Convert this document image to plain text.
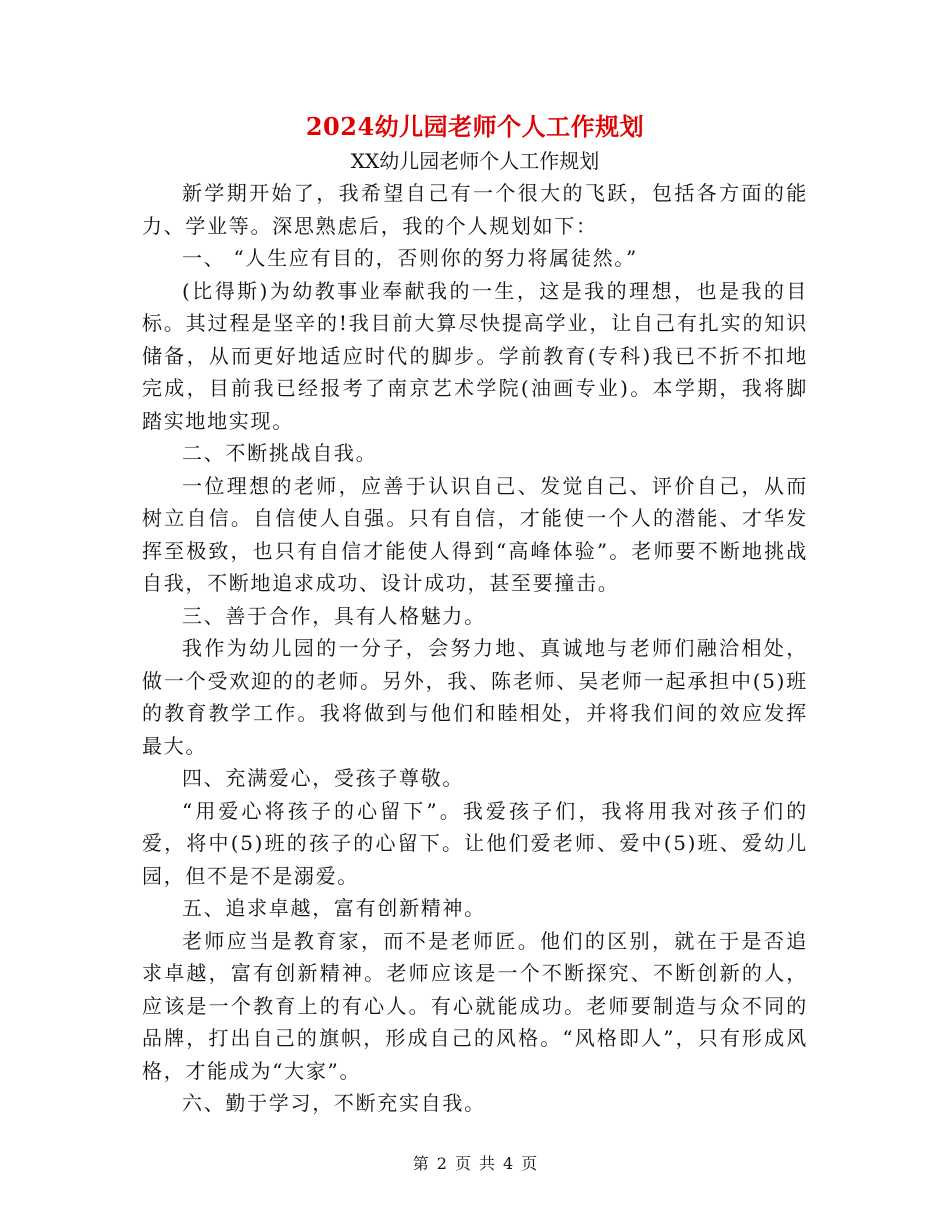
2024幼儿园老师个人工作规划
XX幼儿园老师个人工作规划

新学期开始了，我希望自己有一个很大的飞跃，包括各方面的能力、学业等。深思熟虑后，我的个人规划如下：

一、 “人生应有目的，否则你的努力将属徒然。”

(比得斯)为幼教事业奉献我的一生，这是我的理想，也是我的目标。其过程是坚辛的!我目前大算尽快提高学业，让自己有扎实的知识储备，从而更好地适应时代的脚步。学前教育(专科)我已不折不扣地完成，目前我已经报考了南京艺术学院(油画专业)。本学期，我将脚踏实地地实现。

二、不断挑战自我。

一位理想的老师，应善于认识自己、发觉自己、评价自己，从而树立自信。自信使人自强。只有自信，才能使一个人的潜能、才华发挥至极致，也只有自信才能使人得到“高峰体验”。老师要不断地挑战自我，不断地追求成功、设计成功，甚至要撞击。

三、善于合作，具有人格魅力。

我作为幼儿园的一分子，会努力地、真诚地与老师们融洽相处，做一个受欢迎的的老师。另外，我、陈老师、吴老师一起承担中(5)班的教育教学工作。我将做到与他们和睦相处，并将我们间的效应发挥最大。

四、充满爱心，受孩子尊敬。

“用爱心将孩子的心留下”。我爱孩子们，我将用我对孩子们的爱，将中(5)班的孩子的心留下。让他们爱老师、爱中(5)班、爱幼儿园，但不是不是溺爱。

五、追求卓越，富有创新精神。

老师应当是教育家，而不是老师匠。他们的区别，就在于是否追求卓越，富有创新精神。老师应该是一个不断探究、不断创新的人，应该是一个教育上的有心人。有心就能成功。老师要制造与众不同的品牌，打出自己的旗帜，形成自己的风格。“风格即人”，只有形成风格，才能成为“大家”。

六、勤于学习，不断充实自我。

第 2 页 共 4 页
